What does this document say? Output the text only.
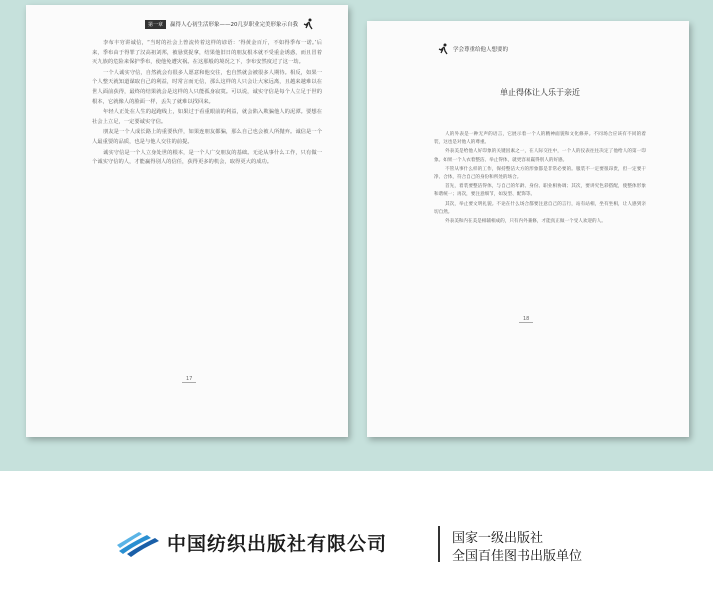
第一章	赢得人心初生活形象——20几岁职业完美形象示自我

李布丰穷讲诚信，“当时的社会上曾流传着这样的谚语：‘得黄金百斤，不如得季布一诺。’后来，季布由于得罪了汉高祖刘邦，被悬赏捉拿，结果他旧日的朋友根本就不受重金诱惑，而且冒着灭九族的危险来保护季布，使他免遭灾祸。在这那般的境况之下，李布安然度过了这一劫。

一个人诚实守信，自然就会有很多人愿意和他交往，也自然就会被很多人期待。相反，如果一个人整天就知道谋取自己的利益，时常言而无信，那么这样的人只会让大家远离，且越来越难以在世人面前获得，最终的结果就会是这样的人只能孤身寂寞。可以说，诚实守信是每个人立足于世的根本，它就像人的脸面一样，丢失了就难以找回来。

年轻人正处在人生的起跑线上，如果过于看重眼前的利益，就会陷入欺骗他人的泥潭。要想在社会上立足，一定要诚实守信。

朋友是一个人成长路上的重要伙伴，如果连朋友都骗，那么自己也会被人所抛弃。诚信是一个人最重要的品质，也是与他人交往的前提。

诚实守信是一个人立身处世的根本，是一个人广交朋友的基础。无论从事什么工作，只有做一个诚实守信的人，才能赢得别人的信任，获得更多的机会，取得更大的成功。

17
学会尊重给他人想要的
单止得体让人乐于亲近

人的外表是一种无声的语言，它展示着一个人的精神面貌和文化修养。不同场合应该有不同的着装，这也是对他人的尊重。

外表美是给他人好印象的关键因素之一，在人际交往中，一个人的仪表往往决定了他给人的第一印象。如果一个人衣着整洁、举止得体，就更容易赢得别人的好感。

不管从事什么样的工作，保持整洁大方的形象都是非常必要的。服装不一定要很昂贵，但一定要干净、合体，符合自己的身份和所处的场合。

首先，着装要整洁得体，与自己的年龄、身份、职业相协调；其次，要讲究色彩搭配，使整体形象和谐统一；再次，要注意细节，如发型、配饰等。

其次，举止要文明礼貌。不论在什么场合都要注意自己的言行，站有站相，坐有坐相，让人感到亲切自然。

外表美和内在美是相辅相成的，只有内外兼修，才能真正做一个受人欢迎的人。

18
中国纺织出版社有限公司	国家一级出版社
全国百佳图书出版单位
